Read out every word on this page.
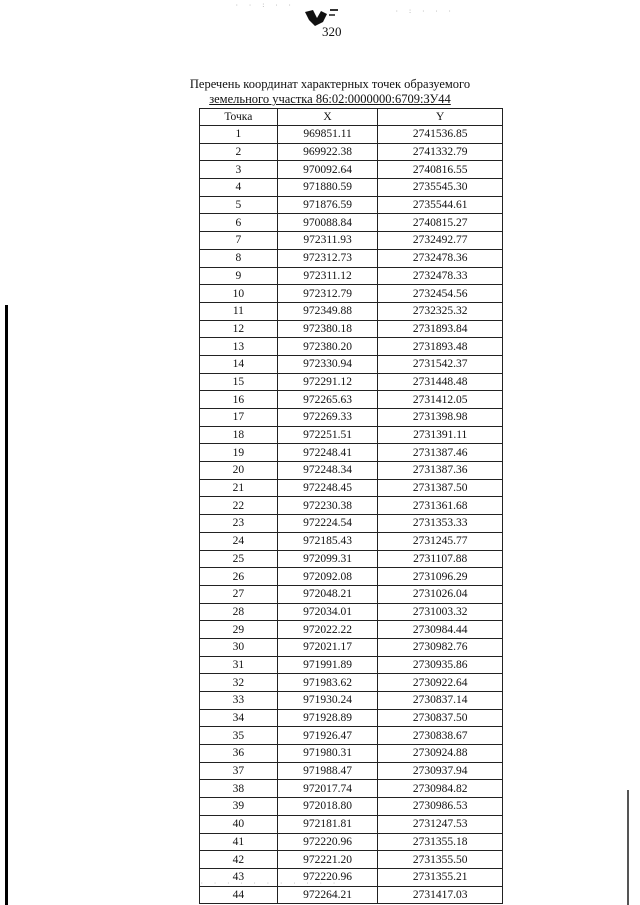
· · : · ·
· : · · ·
· · · · · · · · · · ·
320
Перечень координат характерных точек образуемого
земельного участка 86:02:0000000:6709:ЗУ44
Точка	X	Y
1	969851.11	2741536.85
2	969922.38	2741332.79
3	970092.64	2740816.55
4	971880.59	2735545.30
5	971876.59	2735544.61
6	970088.84	2740815.27
7	972311.93	2732492.77
8	972312.73	2732478.36
9	972311.12	2732478.33
10	972312.79	2732454.56
11	972349.88	2732325.32
12	972380.18	2731893.84
13	972380.20	2731893.48
14	972330.94	2731542.37
15	972291.12	2731448.48
16	972265.63	2731412.05
17	972269.33	2731398.98
18	972251.51	2731391.11
19	972248.41	2731387.46
20	972248.34	2731387.36
21	972248.45	2731387.50
22	972230.38	2731361.68
23	972224.54	2731353.33
24	972185.43	2731245.77
25	972099.31	2731107.88
26	972092.08	2731096.29
27	972048.21	2731026.04
28	972034.01	2731003.32
29	972022.22	2730984.44
30	972021.17	2730982.76
31	971991.89	2730935.86
32	971983.62	2730922.64
33	971930.24	2730837.14
34	971928.89	2730837.50
35	971926.47	2730838.67
36	971980.31	2730924.88
37	971988.47	2730937.94
38	972017.74	2730984.82
39	972018.80	2730986.53
40	972181.81	2731247.53
41	972220.96	2731355.18
42	972221.20	2731355.50
43	972220.96	2731355.21
44	972264.21	2731417.03
